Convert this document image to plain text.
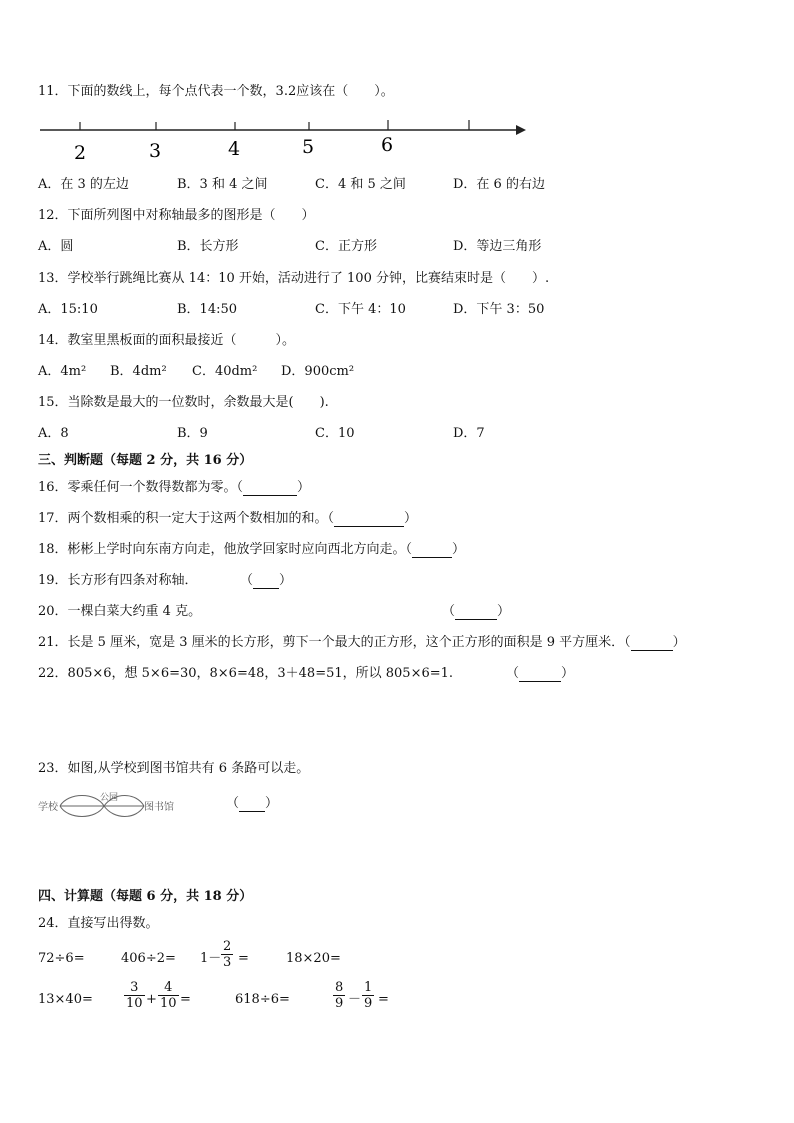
11．下面的数线上，每个点代表一个数，3.2应该在（　　）。
2	3	4	5	6
A．在 3 的左边	B．3 和 4 之间	C．4 和 5 之间	D．在 6 的右边
12．下面所列图中对称轴最多的图形是（　　）
A．圆	B．长方形	C．正方形	D．等边三角形
13．学校举行跳绳比赛从 14：10 开始，活动进行了 100 分钟，比赛结束时是（　　）.
A．15:10	B．14:50	C．下午 4：10	D．下午 3：50
14．教室里黑板面的面积最接近（　　　）。
A．4m² B．4dm² C．40dm² D．900cm²
15．当除数是最大的一位数时，余数最大是(　　).
A．8	B．9	C．10	D．7
三、判断题（每题 2 分，共 16 分）
16．零乘任何一个数得数都为零。（	）
17．两个数相乘的积一定大于这两个数相加的和。（	）
18．彬彬上学时向东南方向走，他放学回家时应向西北方向走。（	）
19．长方形有四条对称轴．	（ ）
20．一棵白菜大约重 4 克。	（	）
21．长是 5 厘米，宽是 3 厘米的长方形，剪下一个最大的正方形，这个正方形的面积是 9 平方厘米．（	）
22．805×6，想 5×6=30，8×6=48，3＋48=51，所以 805×6=1.	（	）
23．如图,从学校到图书馆共有 6 条路可以走。
学校
公园
图书馆	（ ）
四、计算题（每题 6 分，共 18 分）
24．直接写出得数。
72÷6=	406÷2= 1－
2
3 =	18×20=
13×40=
3
10 +
4
10 =	618÷6=
8
9 －
1
9 =
